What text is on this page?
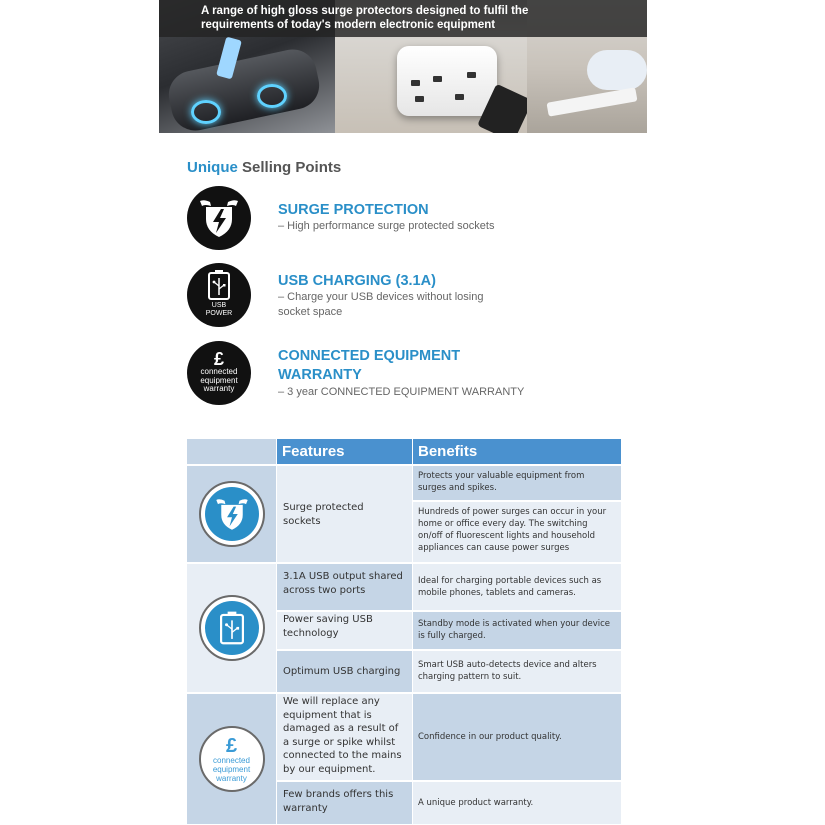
A range of high gloss surge protectors designed to fulfil the
requirements of today's modern electronic equipment
Unique Selling Points
SURGE PROTECTION
– High performance surge protected sockets
USB
POWER
USB CHARGING (3.1A)
– Charge your USB devices without losing
socket space
£
connected
equipment
warranty
CONNECTED EQUIPMENT
WARRANTY
– 3 year CONNECTED EQUIPMENT WARRANTY
Features	Benefits
Surge protected
sockets
Protects your valuable equipment from
surges and spikes.
Hundreds of power surges can occur in your
home or office every day. The switching
on/off of fluorescent lights and household
appliances can cause power surges
3.1A USB output shared
across two ports
Ideal for charging portable devices such as
mobile phones, tablets and cameras.
Power saving USB
technology
Standby mode is activated when your device
is fully charged.
Optimum USB charging
Smart USB auto-detects device and alters
charging pattern to suit.
£
connected
equipment
warranty
We will replace any
equipment that is
damaged as a result of
a surge or spike whilst
connected to the mains
by our equipment.
Confidence in our product quality.
Few brands offers this
warranty	A unique product warranty.
